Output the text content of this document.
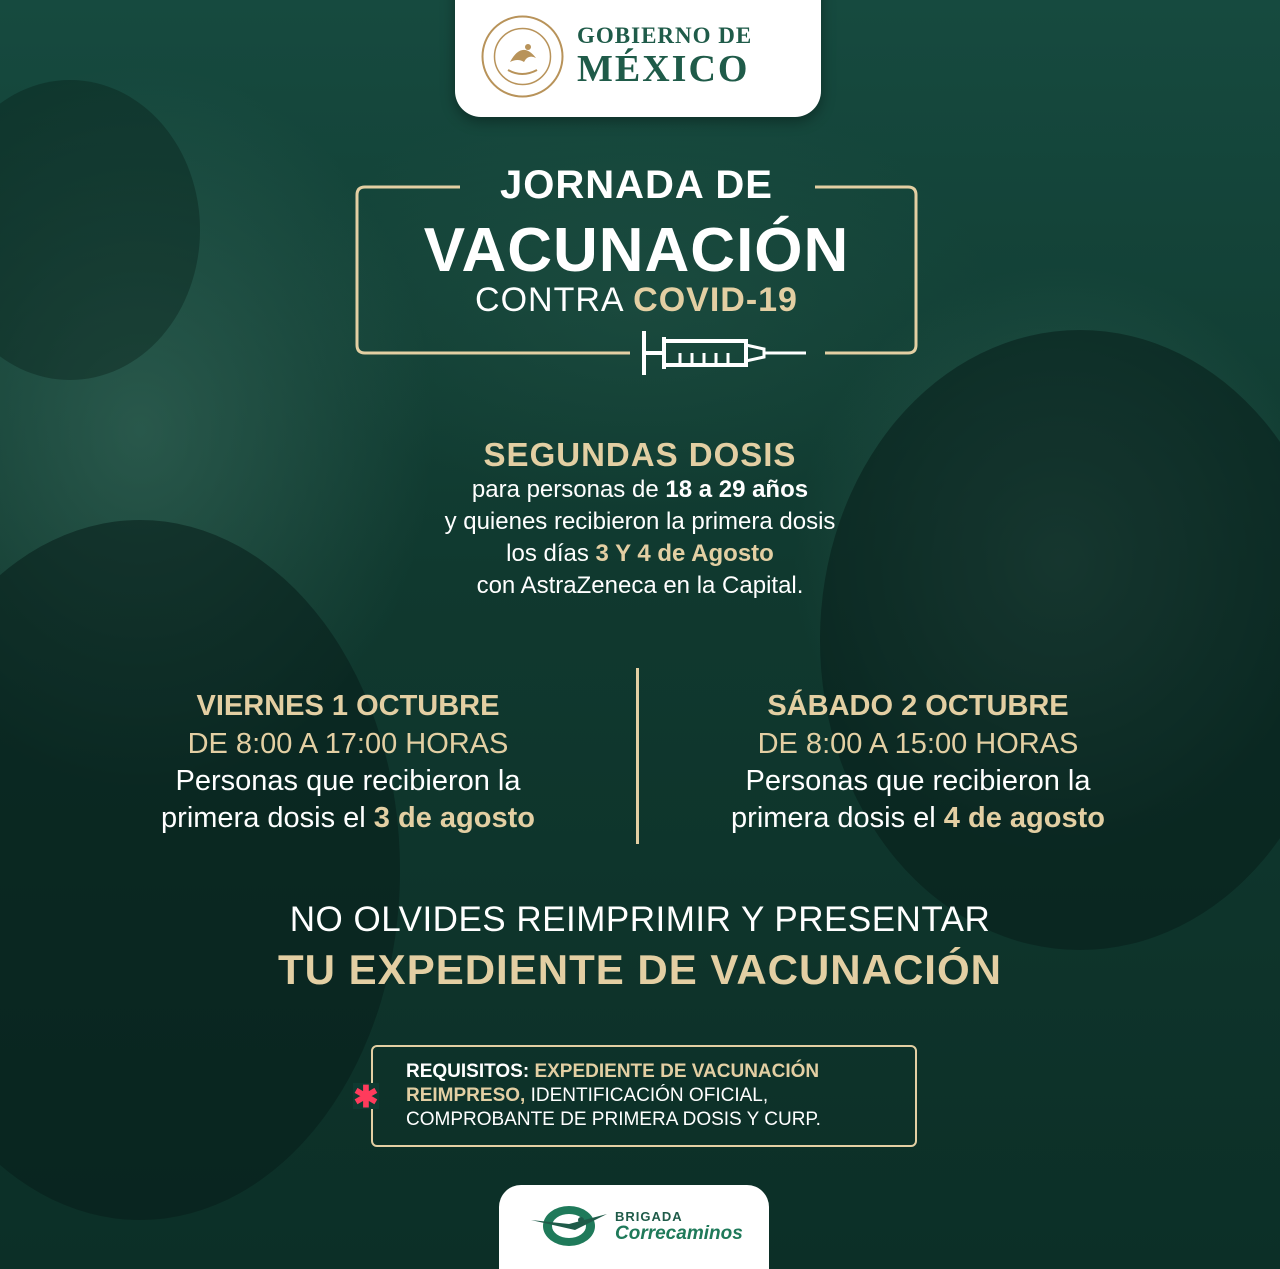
GOBIERNO DE
MÉXICO
JORNADA DE
VACUNACIÓN
CONTRA COVID-19
SEGUNDAS DOSIS
para personas de 18 a 29 años
y quienes recibieron la primera dosis
los días 3 Y 4 de Agosto
con AstraZeneca en la Capital.
VIERNES 1 OCTUBRE
DE 8:00 A 17:00 HORAS
Personas que recibieron la
primera dosis el 3 de agosto
SÁBADO 2 OCTUBRE
DE 8:00 A 15:00 HORAS
Personas que recibieron la
primera dosis el 4 de agosto
NO OLVIDES REIMPRIMIR Y PRESENTAR
TU EXPEDIENTE DE VACUNACIÓN
✱
REQUISITOS: EXPEDIENTE DE VACUNACIÓN
REIMPRESO, IDENTIFICACIÓN OFICIAL,
COMPROBANTE DE PRIMERA DOSIS Y CURP.
BRIGADA
Correcaminos
